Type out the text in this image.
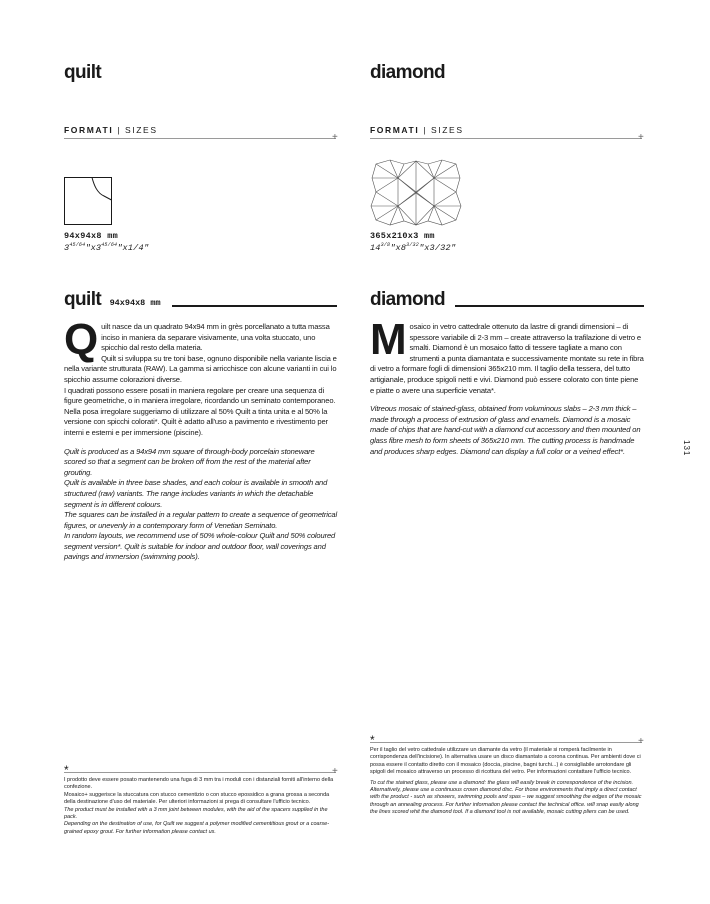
quilt
FORMATI | SIZES
+
94x94x8 mm
$3^{45/64}"x3^{45/64}"x1/4$"
quilt 94x94x8 mm
Q uilt nasce da un quadrato 94x94 mm in grès porcellanato a tutta massa inciso in maniera da separare visivamente, una volta stuccato, uno spicchio dal resto della materia.
Quilt si sviluppa su tre toni base, ognuno disponibile nella variante liscia e nella variante strutturata (RAW). La gamma si arricchisce con alcune varianti in cui lo spicchio assume colorazioni diverse.
I quadrati possono essere posati in maniera regolare per creare una sequenza di figure geometriche, o in maniera irregolare, ricordando un seminato contemporaneo.
Nella posa irregolare suggeriamo di utilizzare al 50% Quilt a tinta unita e al 50% la versione con spicchi colorati*. Quilt è adatto all'uso a pavimento e rivestimento per interni e esterni e per immersione (piscine).
Quilt is produced as a 94x94 mm square of through-body porcelain stoneware scored so that a segment can be broken off from the rest of the material after grouting.
Quilt is available in three base shades, and each colour is available in smooth and structured (raw) variants. The range includes variants in which the detachable segment is in different colours.
The squares can be installed in a regular pattern to create a sequence of geometrical figures, or unevenly in a contemporary form of Venetian Seminato.
In random layouts, we recommend use of 50% whole-colour Quilt and 50% coloured segment version*. Quilt is suitable for indoor and outdoor floor, wall coverings and pavings and immersion (swimming pools).
*	+
I prodotto deve essere posato mantenendo una fuga di 3 mm tra i moduli con i distanziali forniti all'interno della confezione.
Mosaico+ suggerisce la stuccatura con stucco cementizio o con stucco epossidico a grana grossa a seconda della destinazione d'uso del materiale. Per ulteriori informazioni si prega di consultare l'ufficio tecnico.
The product must be installed with a 3 mm joint between modules, with the aid of the spacers supplied in the pack.
Depending on the destination of use, for Quilt we suggest a polymer modified cementitious grout or a coarse-grained epoxy grout. For further information please contact us.
diamond
FORMATI | SIZES
+
365x210x3 mm
$14^{3/8}"x8^{3/32}"x3/32$"
diamond
M osaico in vetro cattedrale ottenuto da lastre di grandi dimensioni – di spessore variabile di 2-3 mm – create attraverso la trafilazione di vetro e smalti. Diamond è un mosaico fatto di tessere tagliate a mano con strumenti a punta diamantata e successivamente montate su rete in fibra di vetro a formare fogli di dimensioni 365x210 mm. Il taglio della tessera, del tutto artigianale, produce spigoli netti e vivi. Diamond può essere colorato con tinte piene e piatte o avere una superficie venata*.
Vitreous mosaic of stained-glass, obtained from voluminous slabs – 2-3 mm thick – made through a process of extrusion of glass and enamels. Diamond is a mosaic made of chips that are hand-cut with a diamond cut accessory and then mounted on glass fibre mesh to form sheets of 365x210 mm. The cutting process is handmade and produces sharp edges. Diamond can display a full color or a veined effect*.	131
*	+
Per il taglio del vetro cattedrale utilizzare un diamante da vetro (il materiale si romperà facilmente in corrispondenza dell'incisione). In alternativa usare un disco diamantato a corona continua. Per ambienti dove ci possa essere il contatto diretto con il mosaico (doccia, piscine, bagni turchi...) è consigliabile arrotondare gli spigoli del mosaico attraverso un processo di ricottura del vetro. Per informazioni contattare l'ufficio tecnico.
To cut the stained glass, please use a diamond: the glass will easily break in correspondence of the incision. Alternatively, please use a continuous crown diamond disc. For those environments that imply a direct contact with the product - such as showers, swimming pools and spas – we suggest smoothing the edges of the mosaic through an annealing process. For further information please contact the technical office. will snap easily along the lines scored whit the diamond tool. If a diamond tool is not available, mosaic cutting pliers can be used.
